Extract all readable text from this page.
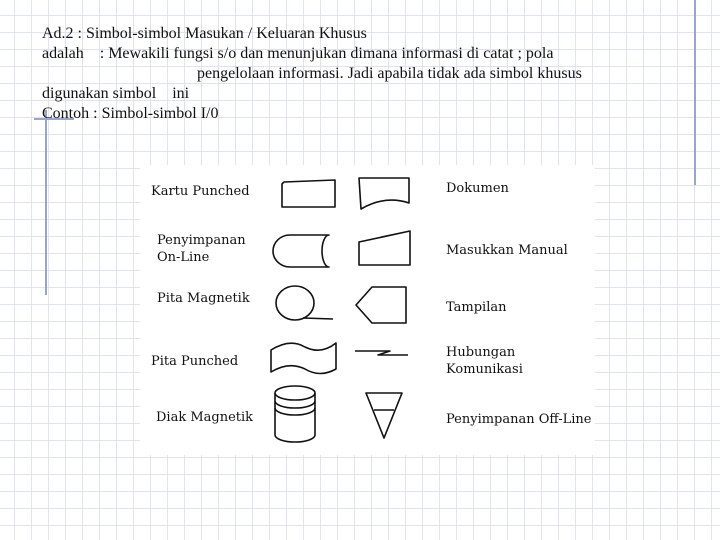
Ad.2 : Simbol-simbol Masukan / Keluaran Khusus
adalah    : Mewakili fungsi s/o dan menunjukan dimana informasi di catat ; pola
pengelolaan informasi. Jadi apabila tidak ada simbol khusus
digunakan simbol    ini
Contoh : Simbol-simbol I/0
Kartu Punched
Penyimpanan
On-Line
Pita Magnetik
Pita Punched
Diak Magnetik
Dokumen
Masukkan Manual
Tampilan
Hubungan Komunikasi
Penyimpanan Off-Line
